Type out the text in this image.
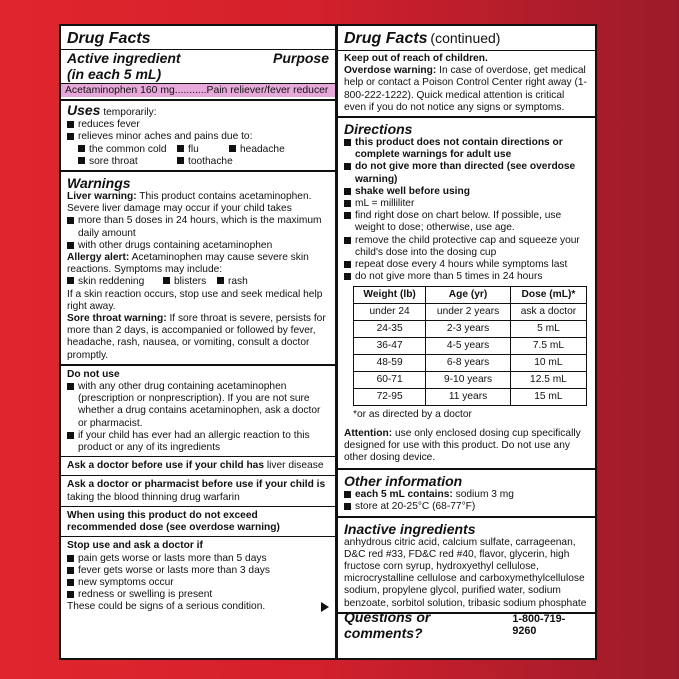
Drug Facts
Active ingredient
(in each 5 mL)
Purpose
Acetaminophen 160 mg...........Pain reliever/fever reducer
Uses temporarily:
reduces fever
relieves minor aches and pains due to:
the common cold	flu	headache
sore throat	toothache
Warnings
Liver warning: This product contains acetaminophen. Severe liver damage may occur if your child takes
more than 5 doses in 24 hours, which is the maximum daily amount
with other drugs containing acetaminophen
Allergy alert: Acetaminophen may cause severe skin reactions. Symptoms may include:
skin reddening	blisters	rash
If a skin reaction occurs, stop use and seek medical help right away.
Sore throat warning: If sore throat is severe, persists for more than 2 days, is accompanied or followed by fever, headache, rash, nausea, or vomiting, consult a doctor promptly.
Do not use
with any other drug containing acetaminophen (prescription or nonprescription). If you are not sure whether a drug contains acetaminophen, ask a doctor or pharmacist.
if your child has ever had an allergic reaction to this product or any of its ingredients
Ask a doctor before use if your child has liver disease
Ask a doctor or pharmacist before use if your child is taking the blood thinning drug warfarin
When using this product do not exceed recommended dose (see overdose warning)
Stop use and ask a doctor if
pain gets worse or lasts more than 5 days
fever gets worse or lasts more than 3 days
new symptoms occur
redness or swelling is present
These could be signs of a serious condition.
Drug Facts (continued)
Keep out of reach of children.
Overdose warning: In case of overdose, get medical help or contact a Poison Control Center right away (1-800-222-1222). Quick medical attention is critical even if you do not notice any signs or symptoms.
Directions
this product does not contain directions or complete warnings for adult use
do not give more than directed (see overdose warning)
shake well before using
mL = milliliter
find right dose on chart below. If possible, use weight to dose; otherwise, use age.
remove the child protective cap and squeeze your child's dose into the dosing cup
repeat dose every 4 hours while symptoms last
do not give more than 5 times in 24 hours
Weight (lb)	Age (yr)	Dose (mL)*
under 24	under 2 years	ask a doctor
24-35	2-3 years	5 mL
36-47	4-5 years	7.5 mL
48-59	6-8 years	10 mL
60-71	9-10 years	12.5 mL
72-95	11 years	15 mL
*or as directed by a doctor
Attention: use only enclosed dosing cup specifically designed for use with this product. Do not use any other dosing device.
Other information
each 5 mL contains: sodium 3 mg
store at 20-25°C (68-77°F)
Inactive ingredients
anhydrous citric acid, calcium sulfate, carrageenan, D&C red #33, FD&C red #40, flavor, glycerin, high fructose corn syrup, hydroxyethyl cellulose, microcrystalline cellulose and carboxymethylcellulose sodium, propylene glycol, purified water, sodium benzoate, sorbitol solution, tribasic sodium phosphate
Questions or comments?
1-800-719-9260
